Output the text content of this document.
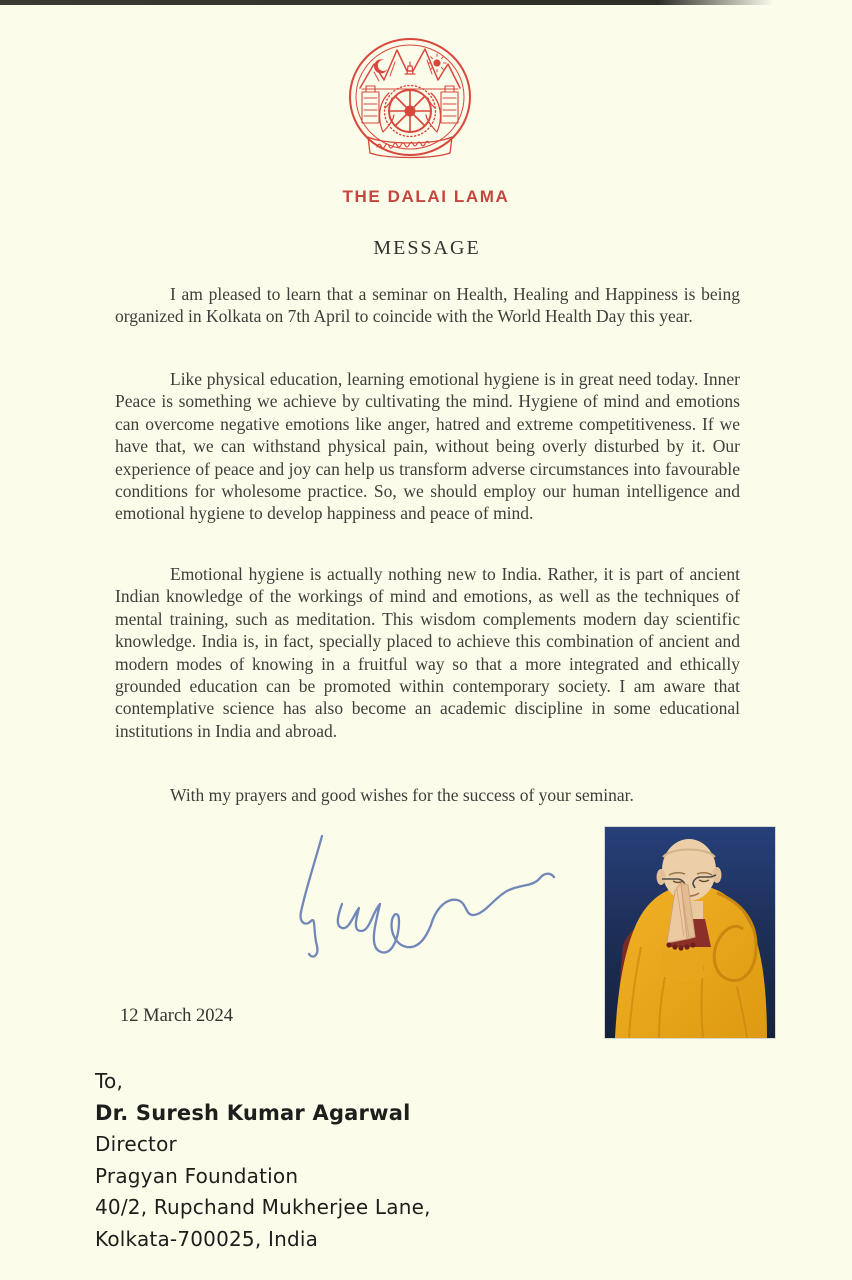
THE DALAI LAMA
MESSAGE

I am pleased to learn that a seminar on Health, Healing and Happiness is being organized in Kolkata on 7th April to coincide with the World Health Day this year.

Like physical education, learning emotional hygiene is in great need today. Inner Peace is something we achieve by cultivating the mind. Hygiene of mind and emotions can overcome negative emotions like anger, hatred and extreme competitiveness. If we have that, we can withstand physical pain, without being overly disturbed by it. Our experience of peace and joy can help us transform adverse circumstances into favourable conditions for wholesome practice. So, we should employ our human intelligence and emotional hygiene to develop happiness and peace of mind.

Emotional hygiene is actually nothing new to India. Rather, it is part of ancient Indian knowledge of the workings of mind and emotions, as well as the techniques of mental training, such as meditation. This wisdom complements modern day scientific knowledge. India is, in fact, specially placed to achieve this combination of ancient and modern modes of knowing in a fruitful way so that a more integrated and ethically grounded education can be promoted within contemporary society. I am aware that contemplative science has also become an academic discipline in some educational institutions in India and abroad.

With my prayers and good wishes for the success of your seminar.

12 March 2024
To,
Dr. Suresh Kumar Agarwal
Director
Pragyan Foundation
40/2, Rupchand Mukherjee Lane,
Kolkata-700025, India
